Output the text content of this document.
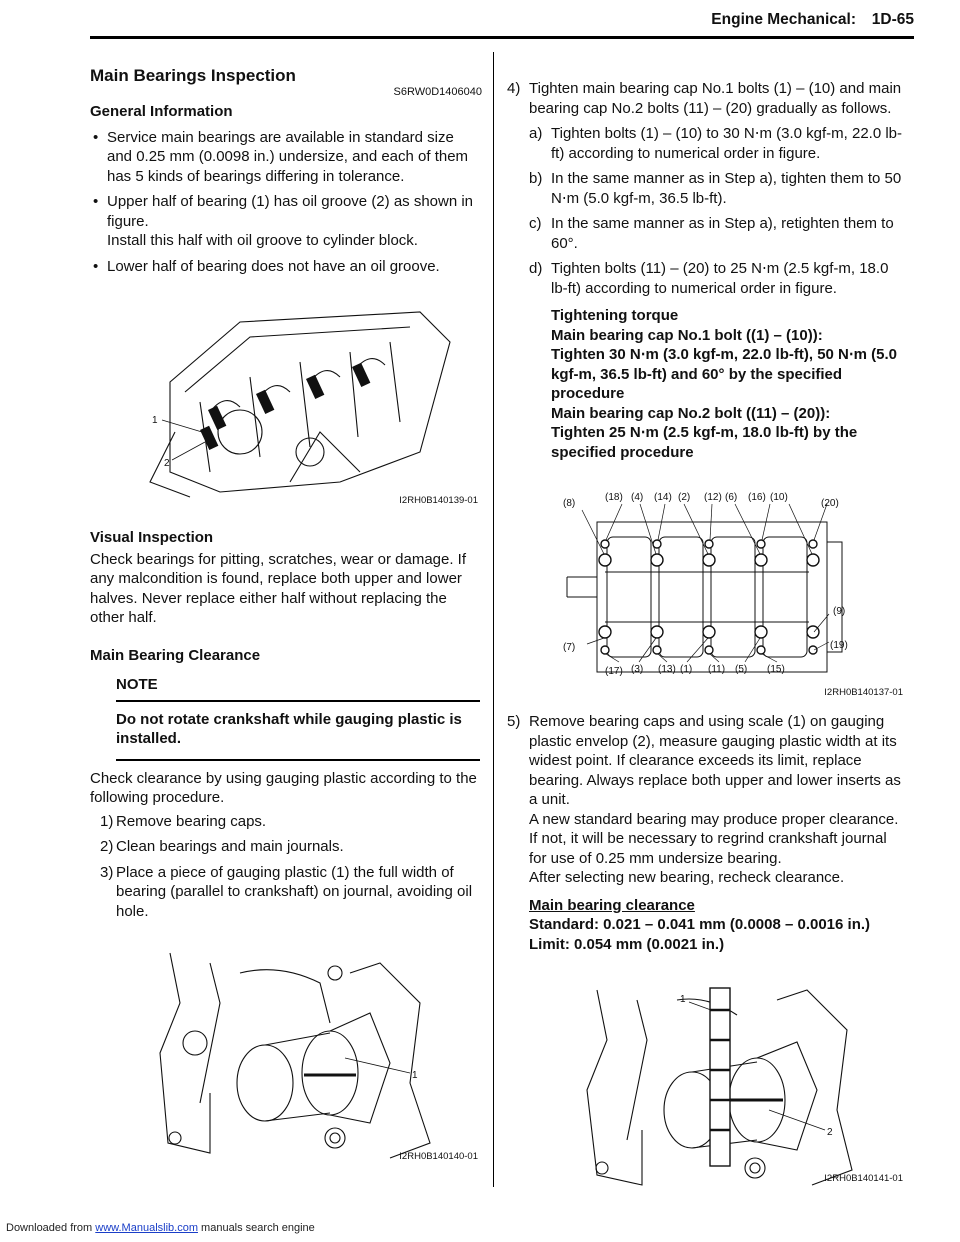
Engine Mechanical: 1D-65
Main Bearings Inspection
S6RW0D1406040
General Information
• Service main bearings are available in standard size and 0.25 mm (0.0098 in.) undersize, and each of them has 5 kinds of bearings differing in tolerance.
• Upper half of bearing (1) has oil groove (2) as shown in figure.
Install this half with oil groove to cylinder block.
• Lower half of bearing does not have an oil groove.
1
2
I2RH0B140139-01
Visual Inspection

Check bearings for pitting, scratches, wear or damage. If any malcondition is found, replace both upper and lower halves. Never replace either half without replacing the other half.

Main Bearing Clearance
NOTE
Do not rotate crankshaft while gauging plastic is installed.

Check clearance by using gauging plastic according to the following procedure.

1) Remove bearing caps.
2) Clean bearings and main journals.
3) Place a piece of gauging plastic (1) the full width of bearing (parallel to crankshaft) on journal, avoiding oil hole.
1
I2RH0B140140-01
4) Tighten main bearing cap No.1 bolts (1) – (10) and main bearing cap No.2 bolts (11) – (20) gradually as follows.
a) Tighten bolts (1) – (10) to 30 N⋅m (3.0 kgf-m, 22.0 lb-ft) according to numerical order in figure.
b) In the same manner as in Step a), tighten them to 50 N⋅m (5.0 kgf-m, 36.5 lb-ft).
c) In the same manner as in Step a), retighten them to 60°.
d) Tighten bolts (11) – (20) to 25 N⋅m (2.5 kgf-m, 18.0 lb-ft) according to numerical order in figure.
Tightening torque
Main bearing cap No.1 bolt ((1) – (10)):
Tighten 30 N⋅m (3.0 kgf-m, 22.0 lb-ft), 50 N⋅m (5.0 kgf-m, 36.5 lb-ft) and 60° by the specified procedure
Main bearing cap No.2 bolt ((11) – (20)):
Tighten 25 N⋅m (2.5 kgf-m, 18.0 lb-ft) by the specified procedure
(8)
(18) (4) (14) (2) (12) (6) (16) (10)
(20)
(7)
(17) (3) (13) (1) (11) (5) (15)
(9)
(19)
I2RH0B140137-01
5) Remove bearing caps and using scale (1) on gauging plastic envelop (2), measure gauging plastic width at its widest point. If clearance exceeds its limit, replace bearing. Always replace both upper and lower inserts as a unit.
A new standard bearing may produce proper clearance. If not, it will be necessary to regrind crankshaft journal for use of 0.25 mm undersize bearing.
After selecting new bearing, recheck clearance.
Main bearing clearance
Standard: 0.021 – 0.041 mm (0.0008 – 0.0016 in.)
Limit: 0.054 mm (0.0021 in.)
1
2
I2RH0B140141-01
Downloaded from www.Manualslib.com manuals search engine
